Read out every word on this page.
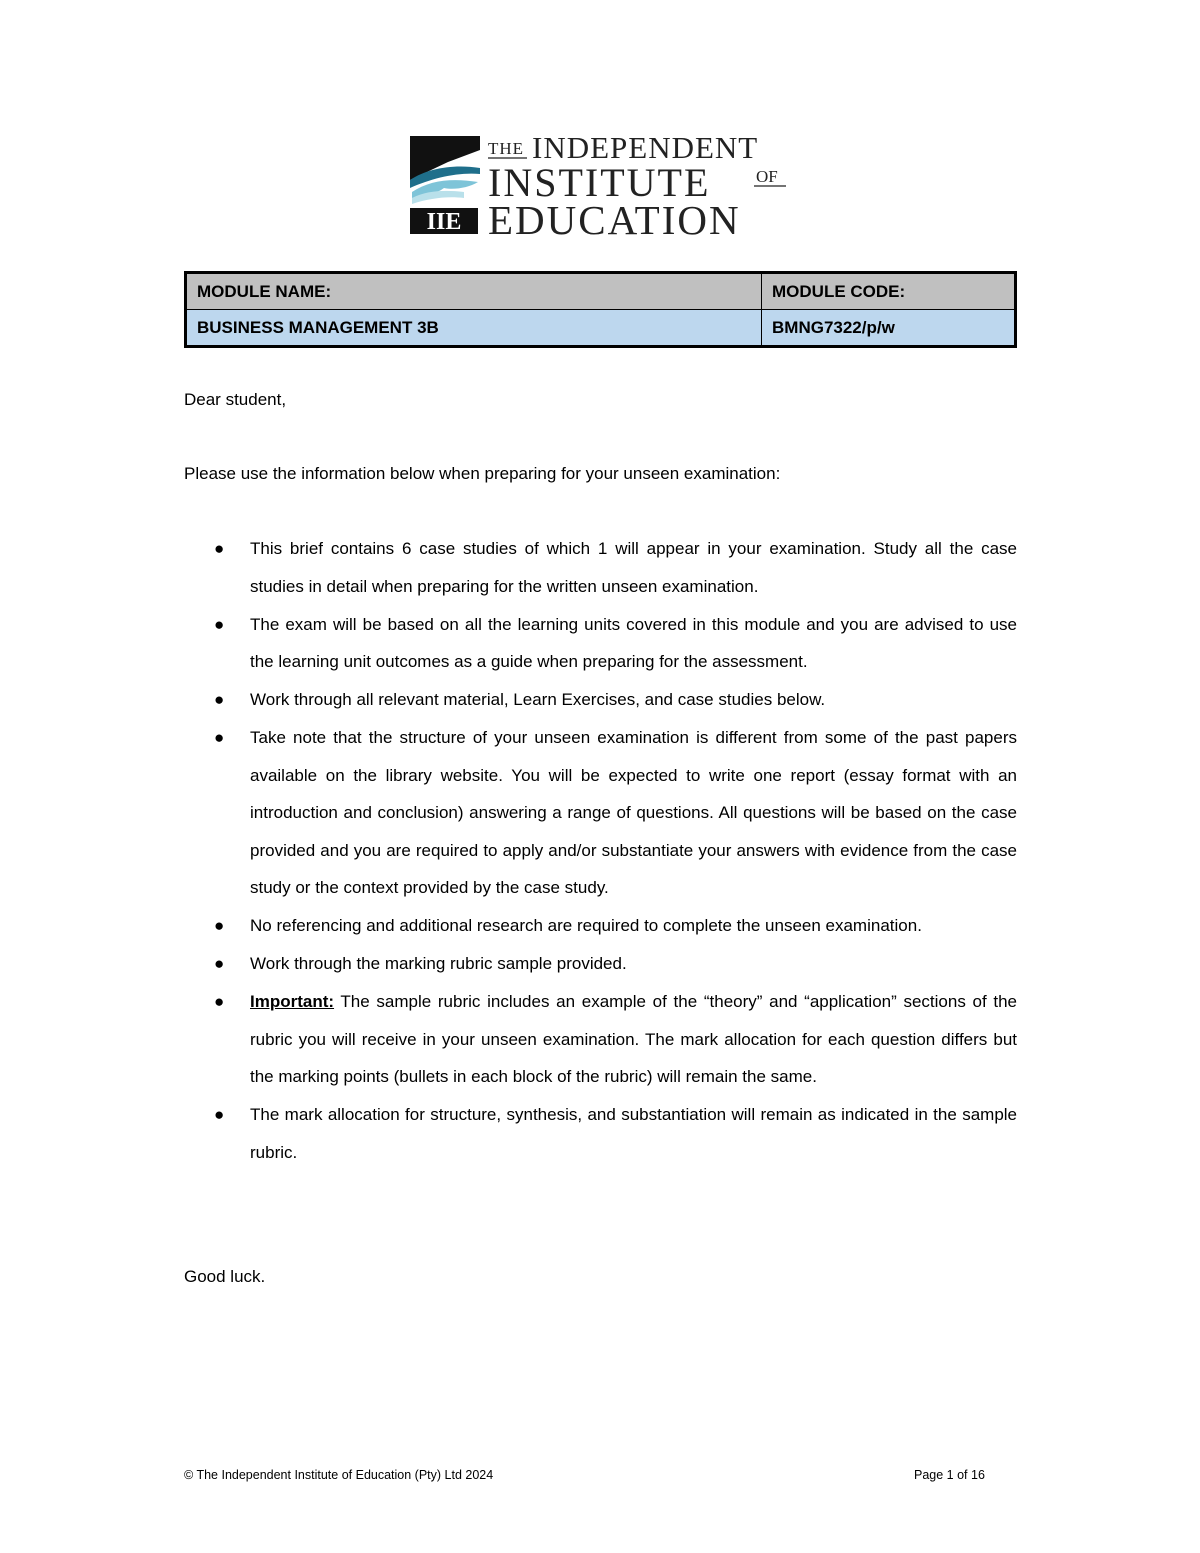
IIE
THE INDEPENDENT
INSTITUTE	OF
EDUCATION
MODULE NAME:	MODULE CODE:
BUSINESS MANAGEMENT 3B	BMNG7322/p/w
Dear student,
Please use the information below when preparing for your unseen examination:
● This brief contains 6 case studies of which 1 will appear in your examination. Study all the case studies in detail when preparing for the written unseen examination.
● The exam will be based on all the learning units covered in this module and you are advised to use the learning unit outcomes as a guide when preparing for the assessment.
● Work through all relevant material, Learn Exercises, and case studies below.
● Take note that the structure of your unseen examination is different from some of the past papers available on the library website. You will be expected to write one report (essay format with an introduction and conclusion) answering a range of questions. All questions will be based on the case provided and you are required to apply and/or substantiate your answers with evidence from the case study or the context provided by the case study.
● No referencing and additional research are required to complete the unseen examination.
● Work through the marking rubric sample provided.
● Important: The sample rubric includes an example of the “theory” and “application” sections of the rubric you will receive in your unseen examination. The mark allocation for each question differs but the marking points (bullets in each block of the rubric) will remain the same.
● The mark allocation for structure, synthesis, and substantiation will remain as indicated in the sample rubric.
Good luck.
© The Independent Institute of Education (Pty) Ltd 2024	Page 1 of 16
